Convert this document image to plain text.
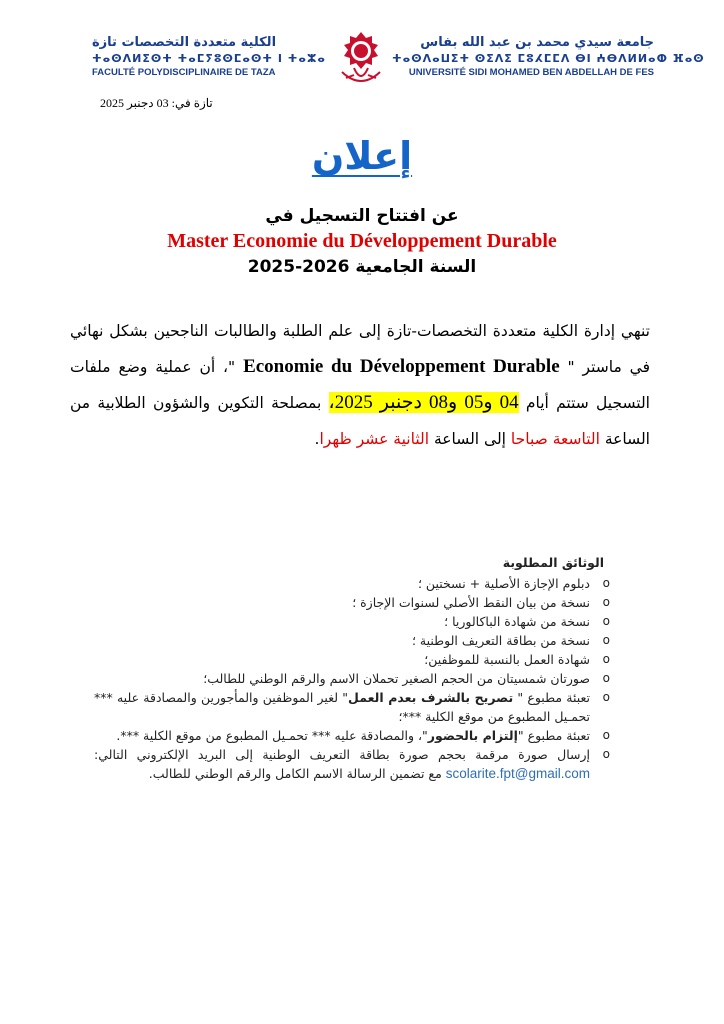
الكلية متعددة التخصصات تازة
ⵜⴰⵙⴷⵍⵉⵙⵜ ⵜⴰⵎⵢⵓⵙⵎⴰⵙⵜ ⵏ ⵜⴰⵣⴰ
FACULTÉ POLYDISCIPLINAIRE DE TAZA
جامعة سيدي محمد بن عبد الله بفاس
ⵜⴰⵙⴷⴰⵡⵉⵜ ⵙⵉⴷⵉ ⵎⵓⵃⵎⵎⴷ ⴱⵏ ⵄⴱⴷⵍⵍⴰⵀ ⴼⴰⵙ
UNIVERSITÉ SIDI MOHAMED BEN ABDELLAH DE FES
تازة في: 03 دجنبر 2025
إعلان
عن افتتاح التسجيل في
Master Economie du Développement Durable
السنة الجامعية 2026-2025
تنهي إدارة الكلية متعددة التخصصات-تازة إلى علم الطلبة والطالبات الناجحين بشكل نهائي في ماستر " Economie du Développement Durable "، أن عملية وضع ملفات التسجيل ستتم أيام 04 و05 و08 دجنبر 2025، بمصلحة التكوين والشؤون الطلابية من الساعة التاسعة صباحا إلى الساعة الثانية عشر ظهرا.
الوثائق المطلوبة
o
دبلوم الإجازة الأصلية + نسختين ؛
o
نسخة من بيان النقط الأصلي لسنوات الإجازة ؛
o
نسخة من شهادة الباكالوريا ؛
o
نسخة من بطاقة التعريف الوطنية ؛
o
شهادة العمل بالنسبة للموظفين؛
o
صورتان شمسيتان من الحجم الصغير تحملان الاسم والرقم الوطني للطالب؛
o
تعبئة مطبوع " تصريح بالشرف بعدم العمل" لغير الموظفين والمأجورين والمصادقة عليه *** تحمـيل المطبوع من موقع الكلية ***؛
o
تعبئة مطبوع "إلتزام بالحضور"، والمصادقة عليه *** تحمـيل المطبوع من موقع الكلية ***.
o
إرسال صورة مرقمة بحجم صورة بطاقة التعريف الوطنية إلى البريد الإلكتروني التالي: scolarite.fpt@gmail.com مع تضمين الرسالة الاسم الكامل والرقم الوطني للطالب.
